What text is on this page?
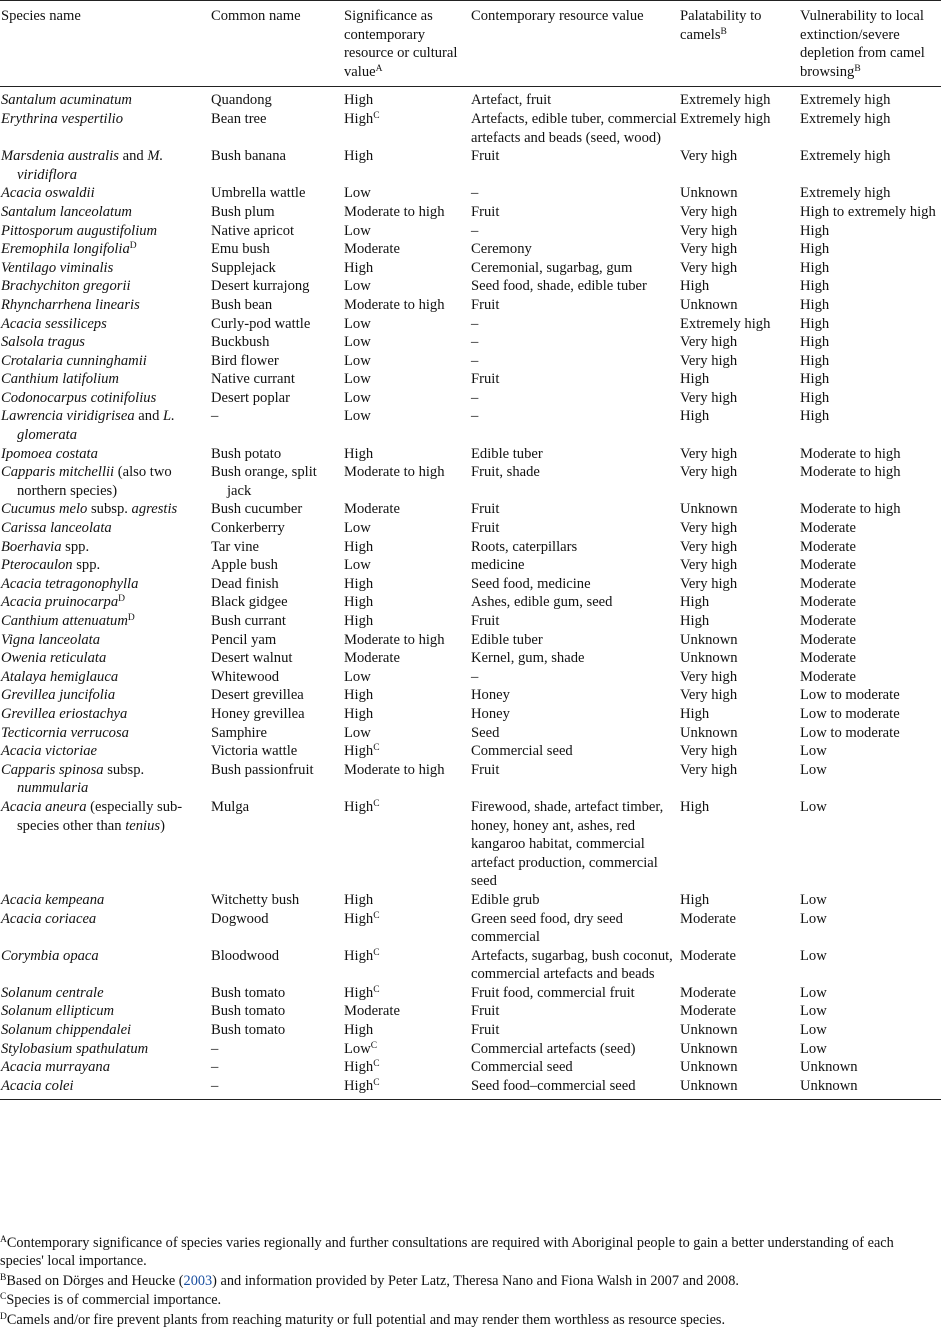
Species name	Common name	Significance as contemporary resource or cultural value$^A$	Contemporary resource value	Palatability to camels$^B$	Vulnerability to local extinction/severe depletion from camel browsing$^B$

Santalum acuminatum	Quandong	High	Artefact, fruit	Extremely high	Extremely high

Erythrina vespertilio	Bean tree	High$^C$	Artefacts, edible tuber, commercial artefacts and beads (seed, wood)	Extremely high	Extremely high

Marsdenia australis and M. viridiflora	Bush banana	High	Fruit	Very high	Extremely high

Acacia oswaldii	Umbrella wattle	Low	–	Unknown	Extremely high

Santalum lanceolatum	Bush plum	Moderate to high	Fruit	Very high	High to extremely high

Pittosporum augustifolium	Native apricot	Low	–	Very high	High

Eremophila longifolia$^D$	Emu bush	Moderate	Ceremony	Very high	High

Ventilago viminalis	Supplejack	High	Ceremonial, sugarbag, gum	Very high	High

Brachychiton gregorii	Desert kurrajong	Low	Seed food, shade, edible tuber	High	High

Rhyncharrhena linearis	Bush bean	Moderate to high	Fruit	Unknown	High

Acacia sessiliceps	Curly-pod wattle	Low	–	Extremely high	High

Salsola tragus	Buckbush	Low	–	Very high	High

Crotalaria cunninghamii	Bird flower	Low	–	Very high	High

Canthium latifolium	Native currant	Low	Fruit	High	High

Codonocarpus cotinifolius	Desert poplar	Low	–	Very high	High

Lawrencia viridigrisea and L. glomerata	–	Low	–	High	High

Ipomoea costata	Bush potato	High	Edible tuber	Very high	Moderate to high

Capparis mitchellii (also two northern species)	Bush orange, split jack	Moderate to high	Fruit, shade	Very high	Moderate to high

Cucumus melo subsp. agrestis	Bush cucumber	Moderate	Fruit	Unknown	Moderate to high

Carissa lanceolata	Conkerberry	Low	Fruit	Very high	Moderate

Boerhavia spp.	Tar vine	High	Roots, caterpillars	Very high	Moderate

Pterocaulon spp.	Apple bush	Low	medicine	Very high	Moderate

Acacia tetragonophylla	Dead finish	High	Seed food, medicine	Very high	Moderate

Acacia pruinocarpa$^D$	Black gidgee	High	Ashes, edible gum, seed	High	Moderate

Canthium attenuatum$^D$	Bush currant	High	Fruit	High	Moderate

Vigna lanceolata	Pencil yam	Moderate to high	Edible tuber	Unknown	Moderate

Owenia reticulata	Desert walnut	Moderate	Kernel, gum, shade	Unknown	Moderate

Atalaya hemiglauca	Whitewood	Low	–	Very high	Moderate

Grevillea juncifolia	Desert grevillea	High	Honey	Very high	Low to moderate

Grevillea eriostachya	Honey grevillea	High	Honey	High	Low to moderate

Tecticornia verrucosa	Samphire	Low	Seed	Unknown	Low to moderate

Acacia victoriae	Victoria wattle	High$^C$	Commercial seed	Very high	Low

Capparis spinosa subsp. nummularia	Bush passionfruit	Moderate to high	Fruit	Very high	Low

Acacia aneura (especially sub-species other than tenius)	Mulga	High$^C$	Firewood, shade, artefact timber, honey, honey ant, ashes, red kangaroo habitat, commercial artefact production, commercial seed	High	Low

Acacia kempeana	Witchetty bush	High	Edible grub	High	Low

Acacia coriacea	Dogwood	High$^C$	Green seed food, dry seed commercial	Moderate	Low

Corymbia opaca	Bloodwood	High$^C$	Artefacts, sugarbag, bush coconut, commercial artefacts and beads	Moderate	Low

Solanum centrale	Bush tomato	High$^C$	Fruit food, commercial fruit	Moderate	Low

Solanum ellipticum	Bush tomato	Moderate	Fruit	Moderate	Low

Solanum chippendalei	Bush tomato	High	Fruit	Unknown	Low

Stylobasium spathulatum	–	Low$^C$	Commercial artefacts (seed)	Unknown	Low

Acacia murrayana	–	High$^C$	Commercial seed	Unknown	Unknown

Acacia colei	–	High$^C$	Seed food–commercial seed	Unknown	Unknown

$^A$Contemporary significance of species varies regionally and further consultations are required with Aboriginal people to gain a better understanding of each species' local importance.

$^B$Based on Dörges and Heucke (2003) and information provided by Peter Latz, Theresa Nano and Fiona Walsh in 2007 and 2008.

$^C$Species is of commercial importance.

$^D$Camels and/or fire prevent plants from reaching maturity or full potential and may render them worthless as resource species.
